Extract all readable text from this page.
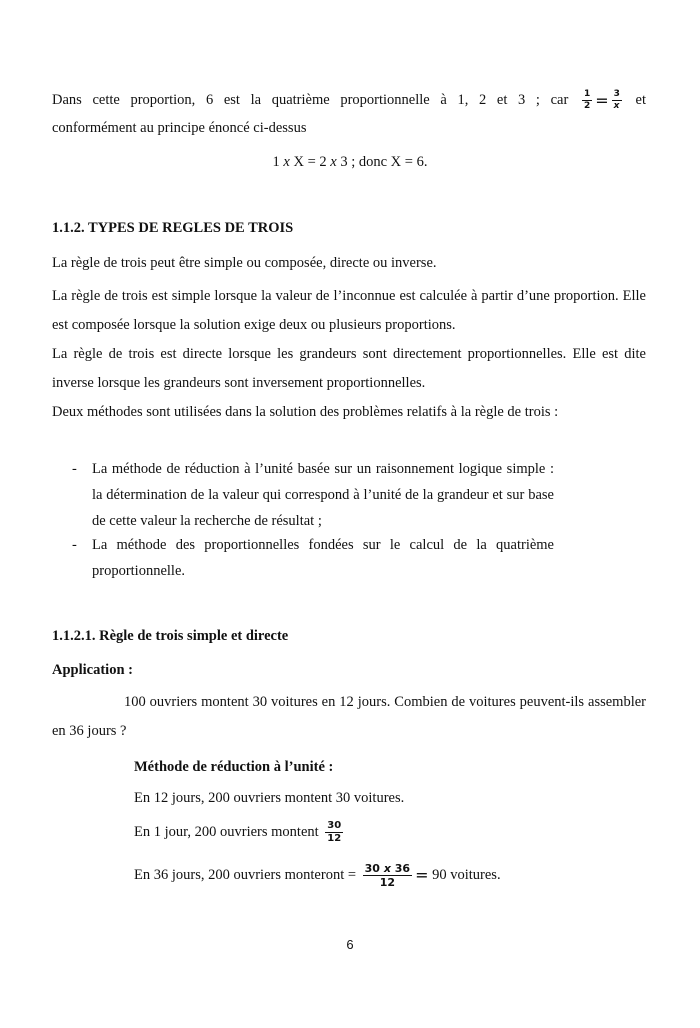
Dans cette proportion, 6 est la quatrième proportionnelle à 1, 2 et 3 ; car $\frac{1}{2} = \frac{3}{x}$ et

conformément au principe énoncé ci-dessus

1 x X = 2 x 3 ; donc X = 6.

1.1.2. TYPES DE REGLES DE TROIS

La règle de trois peut être simple ou composée, directe ou inverse.

La règle de trois est simple lorsque la valeur de l’inconnue est calculée à partir d’une proportion. Elle est composée lorsque la solution exige deux ou plusieurs proportions.

La règle de trois est directe lorsque les grandeurs sont directement proportionnelles. Elle est dite inverse lorsque les grandeurs sont inversement proportionnelles.

Deux méthodes sont utilisées dans la solution des problèmes relatifs à la règle de trois :

- La méthode de réduction à l’unité basée sur un raisonnement logique simple : la détermination de la valeur qui correspond à l’unité de la grandeur et sur base de cette valeur la recherche de résultat ;

- La méthode des proportionnelles fondées sur le calcul de la quatrième proportionnelle.

1.1.2.1. Règle de trois simple et directe

Application :

100 ouvriers montent 30 voitures en 12 jours. Combien de voitures peuvent-ils assembler en 36 jours ?

Méthode de réduction à l’unité :

En 12 jours, 200 ouvriers montent 30 voitures.

En 1 jour, 200 ouvriers montent $\frac{30}{12}$

En 36 jours, 200 ouvriers monteront = $\frac{30 x 36}{12} = 90$ voitures.

6
